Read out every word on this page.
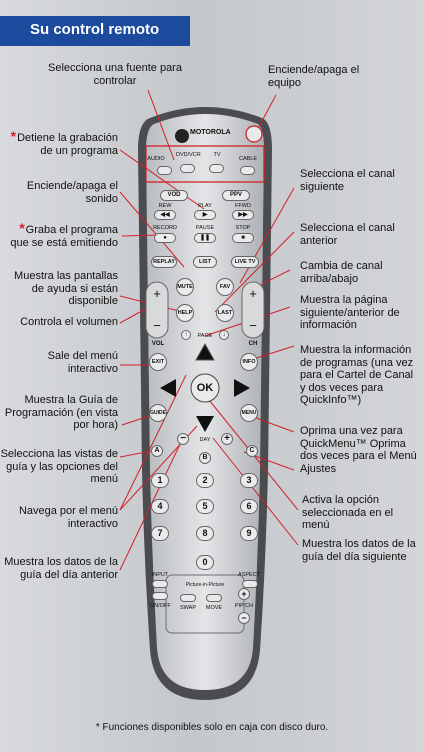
Su control remoto
+
−
+
−
MOTOROLA
AUDIO
DVD/VCR	TV
CABLE
VOD	PPV
REW	PLAY	FFWD
◀◀	▶	▶▶
RECORD	PAUSE	STOP
●	❚❚	■
REPLAY	LIST	LIVE TV
MUTE	FAV
HELP	LAST
VOL	CH
↑	PAGE	↓
EXIT	INFO
OK
GUIDE	MENU
−	DAY	+
A
B
C
1	2	3
4	5	6
7	8	9
0
INPUT	ASPECT
Picture-in-Picture
ON/OFF	SWAP	MOVE	PIP CH
+
−
Selecciona una fuente para controlar
*Detiene la grabación de un programa
Enciende/apaga el sonido
*Graba el programa que se está emitiendo
Muestra las pantallas de ayuda si están disponible
Controla el volumen
Sale del menú interactivo
Muestra la Guía de Programación (en vista por hora)
Selecciona las vistas de guía y las opciones del menú
Navega por el menú interactivo
Muestra los datos de la guía del día anterior
Enciende/apaga el equipo
Selecciona el canal siguiente
Selecciona el canal anterior
Cambia de canal arriba/abajo
Muestra la página siguiente/anterior de información
Muestra la información de programas (una vez para el Cartel de Canal y dos veces para QuickInfo™)
Oprima una vez para QuickMenu™ Oprima dos veces para el Menú Ajustes
Activa la opción seleccionada en el menú
Muestra los datos de la guía del día siguiente
* Funciones disponibles solo en caja con disco duro.
